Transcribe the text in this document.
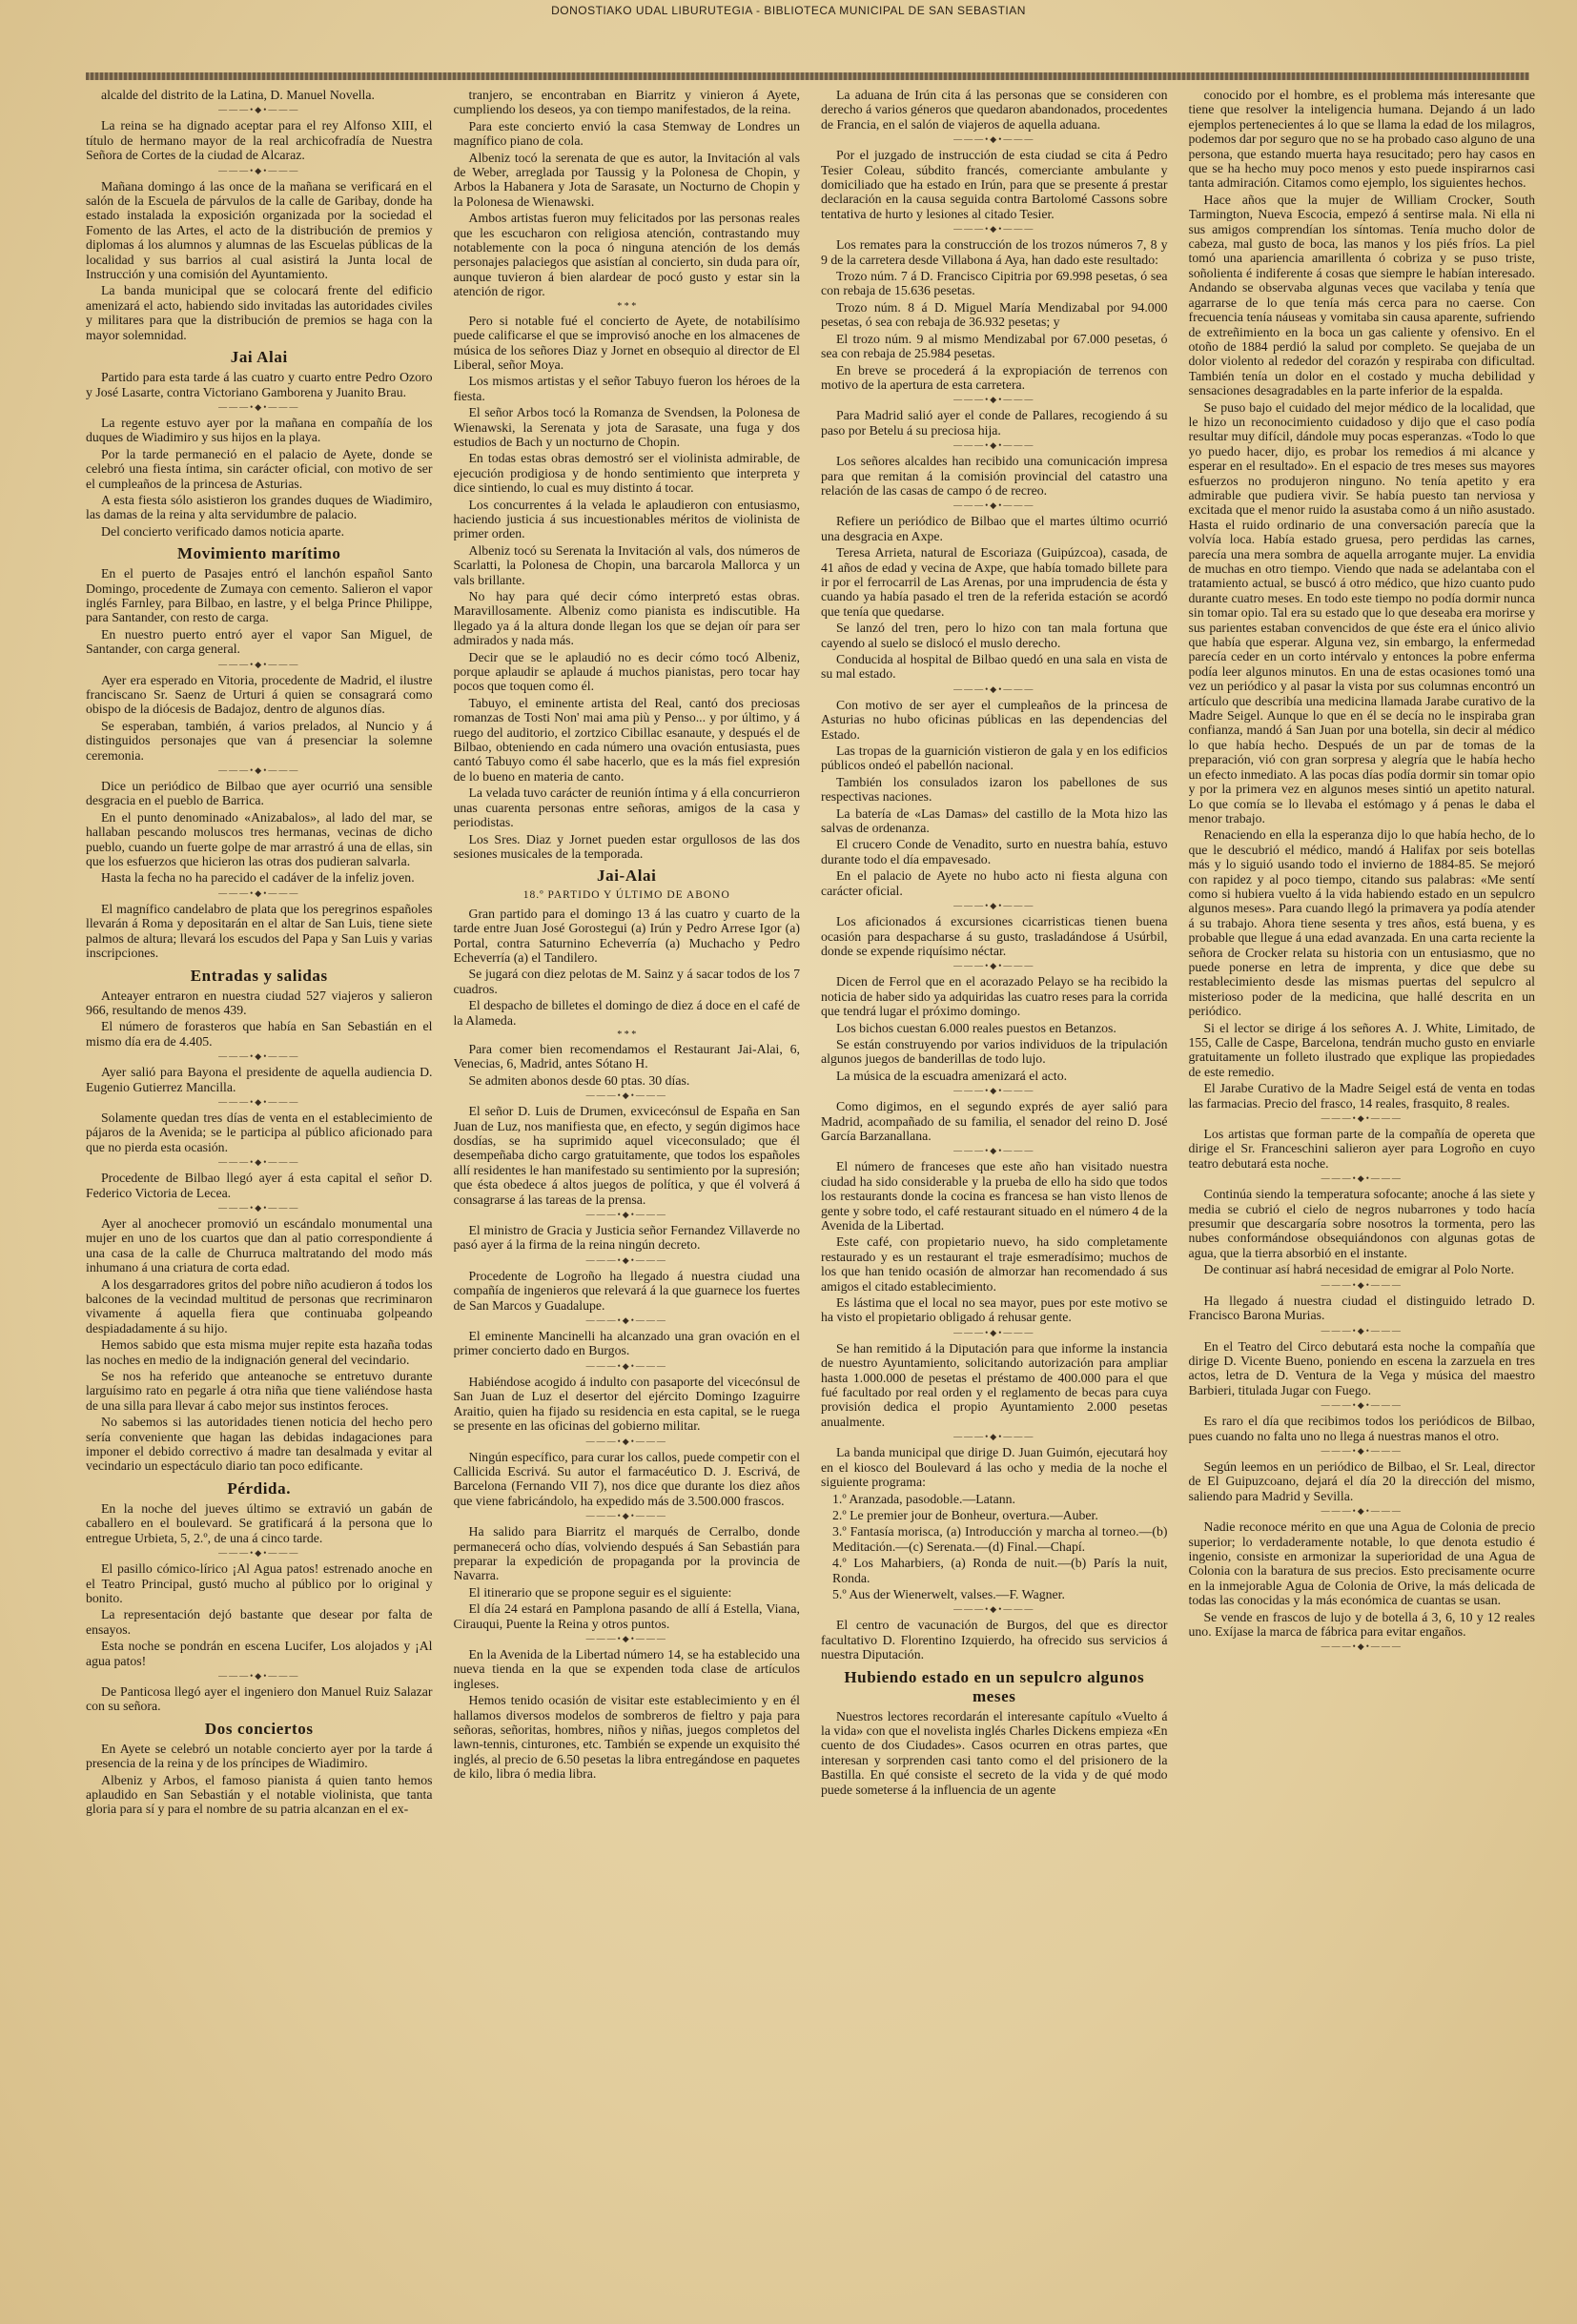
DONOSTIAKO UDAL LIBURUTEGIA - BIBLIOTECA MUNICIPAL DE SAN SEBASTIAN

alcalde del distrito de la Latina, D. Manuel Novella.

———•◆•———

La reina se ha dignado aceptar para el rey Alfonso XIII, el título de hermano mayor de la real archicofradía de Nuestra Señora de Cortes de la ciudad de Alcaraz.

———•◆•———

Mañana domingo á las once de la mañana se verificará en el salón de la Escuela de párvulos de la calle de Garibay, donde ha estado instalada la exposición organizada por la sociedad el Fomento de las Artes, el acto de la distribución de premios y diplomas á los alumnos y alumnas de las Escuelas públicas de la localidad y sus barrios al cual asistirá la Junta local de Instrucción y una comisión del Ayuntamiento.

La banda municipal que se colocará frente del edificio amenizará el acto, habiendo sido invitadas las autoridades civiles y militares para que la distribución de premios se haga con la mayor solemnidad.

Jai Alai

Partido para esta tarde á las cuatro y cuarto entre Pedro Ozoro y José Lasarte, contra Victoriano Gamborena y Juanito Brau.

———•◆•———

La regente estuvo ayer por la mañana en compañía de los duques de Wiadimiro y sus hijos en la playa.

Por la tarde permaneció en el palacio de Ayete, donde se celebró una fiesta íntima, sin carácter oficial, con motivo de ser el cumpleaños de la princesa de Asturias.

A esta fiesta sólo asistieron los grandes duques de Wiadimiro, las damas de la reina y alta servidumbre de palacio.

Del concierto verificado damos noticia aparte.

Movimiento marítimo

En el puerto de Pasajes entró el lanchón español Santo Domingo, procedente de Zumaya con cemento. Salieron el vapor inglés Farnley, para Bilbao, en lastre, y el belga Prince Philippe, para Santander, con resto de carga.

En nuestro puerto entró ayer el vapor San Miguel, de Santander, con carga general.

———•◆•———

Ayer era esperado en Vitoria, procedente de Madrid, el ilustre franciscano Sr. Saenz de Urturi á quien se consagrará como obispo de la diócesis de Badajoz, dentro de algunos días.

Se esperaban, también, á varios prelados, al Nuncio y á distinguidos personajes que van á presenciar la solemne ceremonia.

———•◆•———

Dice un periódico de Bilbao que ayer ocurrió una sensible desgracia en el pueblo de Barrica.

En el punto denominado «Anizabalos», al lado del mar, se hallaban pescando moluscos tres hermanas, vecinas de dicho pueblo, cuando un fuerte golpe de mar arrastró á una de ellas, sin que los esfuerzos que hicieron las otras dos pudieran salvarla.

Hasta la fecha no ha parecido el cadáver de la infeliz joven.

———•◆•———

El magnífico candelabro de plata que los peregrinos españoles llevarán á Roma y depositarán en el altar de San Luis, tiene siete palmos de altura; llevará los escudos del Papa y San Luis y varias inscripciones.

Entradas y salidas

Anteayer entraron en nuestra ciudad 527 viajeros y salieron 966, resultando de menos 439.

El número de forasteros que había en San Sebastián en el mismo día era de 4.405.

———•◆•———

Ayer salió para Bayona el presidente de aquella audiencia D. Eugenio Gutierrez Mancilla.

———•◆•———

Solamente quedan tres días de venta en el establecimiento de pájaros de la Avenida; se le participa al público aficionado para que no pierda esta ocasión.

———•◆•———

Procedente de Bilbao llegó ayer á esta capital el señor D. Federico Victoria de Lecea.

———•◆•———

Ayer al anochecer promovió un escándalo monumental una mujer en uno de los cuartos que dan al patio correspondiente á una casa de la calle de Churruca maltratando del modo más inhumano á una criatura de corta edad.

A los desgarradores gritos del pobre niño acudieron á todos los balcones de la vecindad multitud de personas que recriminaron vivamente á aquella fiera que continuaba golpeando despiadadamente á su hijo.

Hemos sabido que esta misma mujer repite esta hazaña todas las noches en medio de la indignación general del vecindario.

Se nos ha referido que anteanoche se entretuvo durante larguísimo rato en pegarle á otra niña que tiene valiéndose hasta de una silla para llevar á cabo mejor sus instintos feroces.

No sabemos si las autoridades tienen noticia del hecho pero sería conveniente que hagan las debidas indagaciones para imponer el debido correctivo á madre tan desalmada y evitar al vecindario un espectáculo diario tan poco edificante.

Pérdida.

En la noche del jueves último se extravió un gabán de caballero en el boulevard. Se gratificará á la persona que lo entregue Urbieta, 5, 2.º, de una á cinco tarde.

———•◆•———

El pasillo cómico-lírico ¡Al Agua patos! estrenado anoche en el Teatro Principal, gustó mucho al público por lo original y bonito.

La representación dejó bastante que desear por falta de ensayos.

Esta noche se pondrán en escena Lucifer, Los alojados y ¡Al agua patos!

———•◆•———

De Panticosa llegó ayer el ingeniero don Manuel Ruiz Salazar con su señora.

Dos conciertos

En Ayete se celebró un notable concierto ayer por la tarde á presencia de la reina y de los príncipes de Wiadimiro.

Albeniz y Arbos, el famoso pianista á quien tanto hemos aplaudido en San Sebastián y el notable violinista, que tanta gloria para sí y para el nombre de su patria alcanzan en el ex-

tranjero, se encontraban en Biarritz y vinieron á Ayete, cumpliendo los deseos, ya con tiempo manifestados, de la reina.

Para este concierto envió la casa Stemway de Londres un magnífico piano de cola.

Albeniz tocó la serenata de que es autor, la Invitación al vals de Weber, arreglada por Taussig y la Polonesa de Chopin, y Arbos la Habanera y Jota de Sarasate, un Nocturno de Chopin y la Polonesa de Wienawski.

Ambos artistas fueron muy felicitados por las personas reales que les escucharon con religiosa atención, contrastando muy notablemente con la poca ó ninguna atención de los demás personajes palaciegos que asistían al concierto, sin duda para oír, aunque tuvieron á bien alardear de pocó gusto y estar sin la atención de rigor.

* * *

Pero si notable fué el concierto de Ayete, de notabilísimo puede calificarse el que se improvisó anoche en los almacenes de música de los señores Diaz y Jornet en obsequio al director de El Liberal, señor Moya.

Los mismos artistas y el señor Tabuyo fueron los héroes de la fiesta.

El señor Arbos tocó la Romanza de Svendsen, la Polonesa de Wienawski, la Serenata y jota de Sarasate, una fuga y dos estudios de Bach y un nocturno de Chopin.

En todas estas obras demostró ser el violinista admirable, de ejecución prodigiosa y de hondo sentimiento que interpreta y dice sintiendo, lo cual es muy distinto á tocar.

Los concurrentes á la velada le aplaudieron con entusiasmo, haciendo justicia á sus incuestionables méritos de violinista de primer orden.

Albeniz tocó su Serenata la Invitación al vals, dos números de Scarlatti, la Polonesa de Chopin, una barcarola Mallorca y un vals brillante.

No hay para qué decir cómo interpretó estas obras. Maravillosamente. Albeniz como pianista es indiscutible. Ha llegado ya á la altura donde llegan los que se dejan oír para ser admirados y nada más.

Decir que se le aplaudió no es decir cómo tocó Albeniz, porque aplaudir se aplaude á muchos pianistas, pero tocar hay pocos que toquen como él.

Tabuyo, el eminente artista del Real, cantó dos preciosas romanzas de Tosti Non' mai ama più y Penso... y por último, y á ruego del auditorio, el zortzico Cibillac esanaute, y después el de Bilbao, obteniendo en cada número una ovación entusiasta, pues cantó Tabuyo como él sabe hacerlo, que es la más fiel expresión de lo bueno en materia de canto.

La velada tuvo carácter de reunión íntima y á ella concurrieron unas cuarenta personas entre señoras, amigos de la casa y periodistas.

Los Sres. Diaz y Jornet pueden estar orgullosos de las dos sesiones musicales de la temporada.

Jai-Alai
18.º PARTIDO Y ÚLTIMO DE ABONO

Gran partido para el domingo 13 á las cuatro y cuarto de la tarde entre Juan José Gorostegui (a) Irún y Pedro Arrese Igor (a) Portal, contra Saturnino Echeverría (a) Muchacho y Pedro Echeverría (a) el Tandilero.

Se jugará con diez pelotas de M. Sainz y á sacar todos de los 7 cuadros.

El despacho de billetes el domingo de diez á doce en el café de la Alameda.

* * *

Para comer bien recomendamos el Restaurant Jai-Alai, 6, Venecias, 6, Madrid, antes Sótano H.

Se admiten abonos desde 60 ptas. 30 días.

———•◆•———

El señor D. Luis de Drumen, exvicecónsul de España en San Juan de Luz, nos manifiesta que, en efecto, y según digimos hace dosdías, se ha suprimido aquel viceconsulado; que él desempeñaba dicho cargo gratuitamente, que todos los españoles allí residentes le han manifestado su sentimiento por la supresión; que ésta obedece á altos juegos de política, y que él volverá á consagrarse á las tareas de la prensa.

———•◆•———

El ministro de Gracia y Justicia señor Fernandez Villaverde no pasó ayer á la firma de la reina ningún decreto.

———•◆•———

Procedente de Logroño ha llegado á nuestra ciudad una compañía de ingenieros que relevará á la que guarnece los fuertes de San Marcos y Guadalupe.

———•◆•———

El eminente Mancinelli ha alcanzado una gran ovación en el primer concierto dado en Burgos.

———•◆•———

Habiéndose acogido á indulto con pasaporte del vicecónsul de San Juan de Luz el desertor del ejército Domingo Izaguirre Araitio, quien ha fijado su residencia en esta capital, se le ruega se presente en las oficinas del gobierno militar.

———•◆•———

Ningún específico, para curar los callos, puede competir con el Callicida Escrivá. Su autor el farmacéutico D. J. Escrivá, de Barcelona (Fernando VII 7), nos dice que durante los diez años que viene fabricándolo, ha expedido más de 3.500.000 frascos.

———•◆•———

Ha salido para Biarritz el marqués de Cerralbo, donde permanecerá ocho días, volviendo después á San Sebastián para preparar la expedición de propaganda por la provincia de Navarra.

El itinerario que se propone seguir es el siguiente:

El día 24 estará en Pamplona pasando de allí á Estella, Viana, Cirauqui, Puente la Reina y otros puntos.

———•◆•———

En la Avenida de la Libertad número 14, se ha establecido una nueva tienda en la que se expenden toda clase de artículos ingleses.

Hemos tenido ocasión de visitar este establecimiento y en él hallamos diversos modelos de sombreros de fieltro y paja para señoras, señoritas, hombres, niños y niñas, juegos completos del lawn-tennis, cinturones, etc. También se expende un exquisito thé inglés, al precio de 6.50 pesetas la libra entregándose en paquetes de kilo, libra ó media libra.

La aduana de Irún cita á las personas que se consideren con derecho á varios géneros que quedaron abandonados, procedentes de Francia, en el salón de viajeros de aquella aduana.

———•◆•———

Por el juzgado de instrucción de esta ciudad se cita á Pedro Tesier Coleau, súbdito francés, comerciante ambulante y domiciliado que ha estado en Irún, para que se presente á prestar declaración en la causa seguida contra Bartolomé Cassons sobre tentativa de hurto y lesiones al citado Tesier.

———•◆•———

Los remates para la construcción de los trozos números 7, 8 y 9 de la carretera desde Villabona á Aya, han dado este resultado:

Trozo núm. 7 á D. Francisco Cipitria por 69.998 pesetas, ó sea con rebaja de 15.636 pesetas.

Trozo núm. 8 á D. Miguel María Mendizabal por 94.000 pesetas, ó sea con rebaja de 36.932 pesetas; y

El trozo núm. 9 al mismo Mendizabal por 67.000 pesetas, ó sea con rebaja de 25.984 pesetas.

En breve se procederá á la expropiación de terrenos con motivo de la apertura de esta carretera.

———•◆•———

Para Madrid salió ayer el conde de Pallares, recogiendo á su paso por Betelu á su preciosa hija.

———•◆•———

Los señores alcaldes han recibido una comunicación impresa para que remitan á la comisión provincial del catastro una relación de las casas de campo ó de recreo.

———•◆•———

Refiere un periódico de Bilbao que el martes último ocurrió una desgracia en Axpe.

Teresa Arrieta, natural de Escoriaza (Guipúzcoa), casada, de 41 años de edad y vecina de Axpe, que había tomado billete para ir por el ferrocarril de Las Arenas, por una imprudencia de ésta y cuando ya había pasado el tren de la referida estación se acordó que tenía que quedarse.

Se lanzó del tren, pero lo hizo con tan mala fortuna que cayendo al suelo se dislocó el muslo derecho.

Conducida al hospital de Bilbao quedó en una sala en vista de su mal estado.

———•◆•———

Con motivo de ser ayer el cumpleaños de la princesa de Asturias no hubo oficinas públicas en las dependencias del Estado.

Las tropas de la guarnición vistieron de gala y en los edificios públicos ondeó el pabellón nacional.

También los consulados izaron los pabellones de sus respectivas naciones.

La batería de «Las Damas» del castillo de la Mota hizo las salvas de ordenanza.

El crucero Conde de Venadito, surto en nuestra bahía, estuvo durante todo el día empavesado.

En el palacio de Ayete no hubo acto ni fiesta alguna con carácter oficial.

———•◆•———

Los aficionados á excursiones cicarristicas tienen buena ocasión para despacharse á su gusto, trasladándose á Usúrbil, donde se expende riquísimo néctar.

———•◆•———

Dicen de Ferrol que en el acorazado Pelayo se ha recibido la noticia de haber sido ya adquiridas las cuatro reses para la corrida que tendrá lugar el próximo domingo.

Los bichos cuestan 6.000 reales puestos en Betanzos.

Se están construyendo por varios individuos de la tripulación algunos juegos de banderillas de todo lujo.

La música de la escuadra amenizará el acto.

———•◆•———

Como digimos, en el segundo exprés de ayer salió para Madrid, acompañado de su familia, el senador del reino D. José García Barzanallana.

———•◆•———

El número de franceses que este año han visitado nuestra ciudad ha sido considerable y la prueba de ello ha sido que todos los restaurants donde la cocina es francesa se han visto llenos de gente y sobre todo, el café restaurant situado en el número 4 de la Avenida de la Libertad.

Este café, con propietario nuevo, ha sido completamente restaurado y es un restaurant el traje esmeradísimo; muchos de los que han tenido ocasión de almorzar han recomendado á sus amigos el citado establecimiento.

Es lástima que el local no sea mayor, pues por este motivo se ha visto el propietario obligado á rehusar gente.

———•◆•———

Se han remitido á la Diputación para que informe la instancia de nuestro Ayuntamiento, solicitando autorización para ampliar hasta 1.000.000 de pesetas el préstamo de 400.000 para el que fué facultado por real orden y el reglamento de becas para cuya provisión dedica el propio Ayuntamiento 2.000 pesetas anualmente.

———•◆•———

La banda municipal que dirige D. Juan Guimón, ejecutará hoy en el kiosco del Boulevard á las ocho y media de la noche el siguiente programa:

1.º Aranzada, pasodoble.—Latann.

2.º Le premier jour de Bonheur, overtura.—Auber.

3.º Fantasía morisca, (a) Introducción y marcha al torneo.—(b) Meditación.—(c) Serenata.—(d) Final.—Chapí.

4.º Los Maharbiers, (a) Ronda de nuit.—(b) París la nuit, Ronda.

5.º Aus der Wienerwelt, valses.—F. Wagner.

———•◆•———

El centro de vacunación de Burgos, del que es director facultativo D. Florentino Izquierdo, ha ofrecido sus servicios á nuestra Diputación.

Hubiendo estado en un sepulcro algunos meses

Nuestros lectores recordarán el interesante capítulo «Vuelto á la vida» con que el novelista inglés Charles Dickens empieza «En cuento de dos Ciudades». Casos ocurren en otras partes, que interesan y sorprenden casi tanto como el del prisionero de la Bastilla. En qué consiste el secreto de la vida y de qué modo puede someterse á la influencia de un agente

conocido por el hombre, es el problema más interesante que tiene que resolver la inteligencia humana. Dejando á un lado ejemplos pertenecientes á lo que se llama la edad de los milagros, podemos dar por seguro que no se ha probado caso alguno de una persona, que estando muerta haya resucitado; pero hay casos en que se ha hecho muy poco menos y esto puede inspirarnos casi tanta admiración. Citamos como ejemplo, los siguientes hechos.

Hace años que la mujer de William Crocker, South Tarmington, Nueva Escocia, empezó á sentirse mala. Ni ella ni sus amigos comprendían los síntomas. Tenía mucho dolor de cabeza, mal gusto de boca, las manos y los piés fríos. La piel tomó una apariencia amarillenta ó cobriza y se puso triste, soñolienta é indiferente á cosas que siempre le habían interesado. Andando se observaba algunas veces que vacilaba y tenía que agarrarse de lo que tenía más cerca para no caerse. Con frecuencia tenía náuseas y vomitaba sin causa aparente, sufriendo de extreñimiento en la boca un gas caliente y ofensivo. En el otoño de 1884 perdió la salud por completo. Se quejaba de un dolor violento al rededor del corazón y respiraba con dificultad. También tenía un dolor en el costado y mucha debilidad y sensaciones desagradables en la parte inferior de la espalda.

Se puso bajo el cuidado del mejor médico de la localidad, que le hizo un reconocimiento cuidadoso y dijo que el caso podía resultar muy difícil, dándole muy pocas esperanzas. «Todo lo que yo puedo hacer, dijo, es probar los remedios á mi alcance y esperar en el resultado». En el espacio de tres meses sus mayores esfuerzos no produjeron ninguno. No tenía apetito y era admirable que pudiera vivir. Se había puesto tan nerviosa y excitada que el menor ruido la asustaba como á un niño asustado. Hasta el ruido ordinario de una conversación parecía que la volvía loca. Había estado gruesa, pero perdidas las carnes, parecía una mera sombra de aquella arrogante mujer. La envidia de muchas en otro tiempo. Viendo que nada se adelantaba con el tratamiento actual, se buscó á otro médico, que hizo cuanto pudo durante cuatro meses. En todo este tiempo no podía dormir nunca sin tomar opio. Tal era su estado que lo que deseaba era morirse y sus parientes estaban convencidos de que éste era el único alivio que había que esperar. Alguna vez, sin embargo, la enfermedad parecía ceder en un corto intérvalo y entonces la pobre enferma podía leer algunos minutos. En una de estas ocasiones tomó una vez un periódico y al pasar la vista por sus columnas encontró un artículo que describía una medicina llamada Jarabe curativo de la Madre Seigel. Aunque lo que en él se decía no le inspiraba gran confianza, mandó á San Juan por una botella, sin decir al médico lo que había hecho. Después de un par de tomas de la preparación, vió con gran sorpresa y alegría que le había hecho un efecto inmediato. A las pocas días podía dormir sin tomar opio y por la primera vez en algunos meses sintió un apetito natural. Lo que comía se lo llevaba el estómago y á penas le daba el menor trabajo.

Renaciendo en ella la esperanza dijo lo que había hecho, de lo que le descubrió el médico, mandó á Halifax por seis botellas más y lo siguió usando todo el invierno de 1884-85. Se mejoró con rapidez y al poco tiempo, citando sus palabras: «Me sentí como si hubiera vuelto á la vida habiendo estado en un sepulcro algunos meses». Para cuando llegó la primavera ya podía atender á su trabajo. Ahora tiene sesenta y tres años, está buena, y es probable que llegue á una edad avanzada. En una carta reciente la señora de Crocker relata su historia con un entusiasmo, que no puede ponerse en letra de imprenta, y dice que debe su restablecimiento desde las mismas puertas del sepulcro al misterioso poder de la medicina, que hallé descrita en un periódico.

Si el lector se dirige á los señores A. J. White, Limitado, de 155, Calle de Caspe, Barcelona, tendrán mucho gusto en enviarle gratuitamente un folleto ilustrado que explique las propiedades de este remedio.

El Jarabe Curativo de la Madre Seigel está de venta en todas las farmacias. Precio del frasco, 14 reales, frasquito, 8 reales.

———•◆•———

Los artistas que forman parte de la compañía de opereta que dirige el Sr. Franceschini salieron ayer para Logroño en cuyo teatro debutará esta noche.

———•◆•———

Continúa siendo la temperatura sofocante; anoche á las siete y media se cubrió el cielo de negros nubarrones y todo hacía presumir que descargaría sobre nosotros la tormenta, pero las nubes conformándose obsequiándonos con algunas gotas de agua, que la tierra absorbió en el instante.

De continuar así habrá necesidad de emigrar al Polo Norte.

———•◆•———

Ha llegado á nuestra ciudad el distinguido letrado D. Francisco Barona Murias.

———•◆•———

En el Teatro del Circo debutará esta noche la compañía que dirige D. Vicente Bueno, poniendo en escena la zarzuela en tres actos, letra de D. Ventura de la Vega y música del maestro Barbieri, titulada Jugar con Fuego.

———•◆•———

Es raro el día que recibimos todos los periódicos de Bilbao, pues cuando no falta uno no llega á nuestras manos el otro.

———•◆•———

Según leemos en un periódico de Bilbao, el Sr. Leal, director de El Guipuzcoano, dejará el día 20 la dirección del mismo, saliendo para Madrid y Sevilla.

———•◆•———

Nadie reconoce mérito en que una Agua de Colonia de precio superior; lo verdaderamente notable, lo que denota estudio é ingenio, consiste en armonizar la superioridad de una Agua de Colonia con la baratura de sus precios. Esto precisamente ocurre en la inmejorable Agua de Colonia de Orive, la más delicada de todas las conocidas y la más económica de cuantas se usan.

Se vende en frascos de lujo y de botella á 3, 6, 10 y 12 reales uno. Exíjase la marca de fábrica para evitar engaños.

———•◆•———
